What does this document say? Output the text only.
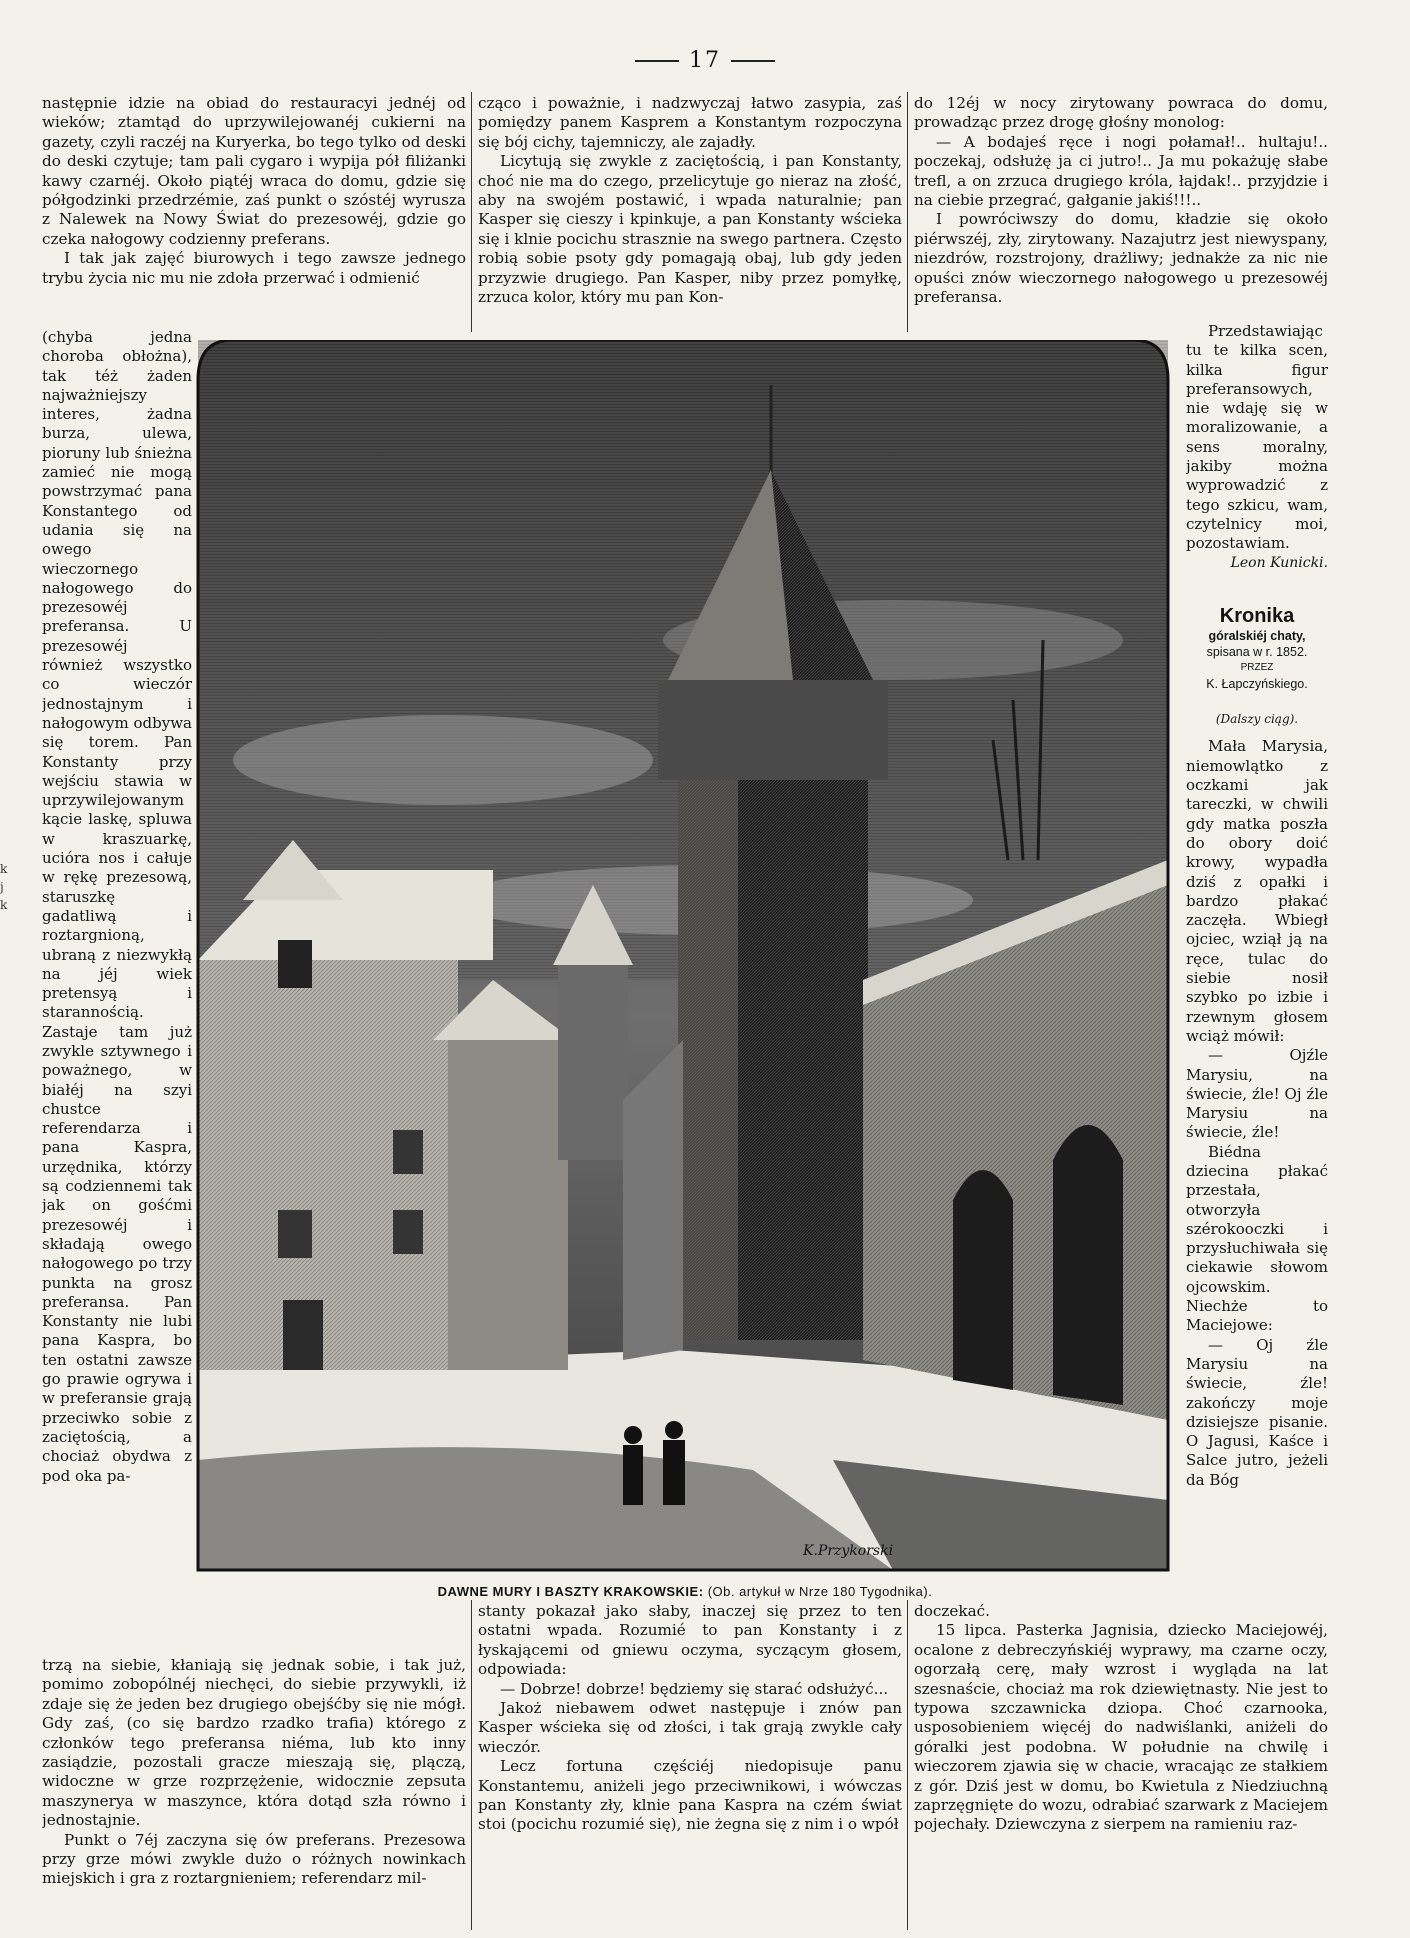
17
k
j
k

następnie idzie na obiad do restauracyi jednéj od wieków; ztamtąd do uprzywilejowanéj cukierni na gazety, czyli raczéj na Kuryerka, bo tego tylko od deski do deski czytuje; tam pali cygaro i wypija pół filiżanki kawy czarnéj. Około piątéj wraca do domu, gdzie się półgodzinki przedrzémie, zaś punkt o szóstéj wyrusza z Nalewek na Nowy Świat do prezesowéj, gdzie go czeka nałogowy codzienny preferans.

I tak jak zajęć biurowych i tego zawsze jednego trybu życia nic mu nie zdoła przerwać i odmienić

cząco i poważnie, i nadzwyczaj łatwo zasypia, zaś pomiędzy panem Kasprem a Konstantym rozpoczyna się bój cichy, tajemniczy, ale zajadły.

Licytują się zwykle z zaciętością, i pan Konstanty, choć nie ma do czego, przelicytuje go nieraz na złość, aby na swojém postawić, i wpada naturalnie; pan Kasper się cieszy i kpinkuje, a pan Konstanty wścieka się i klnie pocichu strasznie na swego partnera. Często robią sobie psoty gdy pomagają obaj, lub gdy jeden przyzwie drugiego. Pan Kasper, niby przez pomyłkę, zrzuca kolor, który mu pan Kon-

do 12éj w nocy zirytowany powraca do domu, prowadząc przez drogę głośny monolog:

— A bodajeś ręce i nogi połamał!.. hultaju!.. poczekaj, odsłużę ja ci jutro!.. Ja mu pokażuję słabe trefl, a on zrzuca drugiego króla, łajdak!.. przyjdzie i na ciebie przegrać, gałganie jakiś!!!..

I powróciwszy do domu, kładzie się około piérwszéj, zły, zirytowany. Nazajutrz jest niewyspany, niezdrów, rozstrojony, drażliwy; jednakże za nic nie opuści znów wieczornego nałogowego u prezesowéj preferansa.

(chyba jedna choroba obłożna), tak téż żaden najważniejszy interes, żadna burza, ulewa, pioruny lub śnieżna zamieć nie mogą powstrzymać pana Konstantego od udania się na owego wieczornego nałogowego do prezesowéj preferansa. U prezesowéj również wszystko co wieczór jednostajnym i nałogowym odbywa się torem. Pan Konstanty przy wejściu stawia w uprzywilejowanym kącie laskę, spluwa w kraszuarkę, ucióra nos i całuje w rękę prezesową, staruszkę gadatliwą i roztargnioną, ubraną z niezwykłą na jéj wiek pretensyą i starannością. Zastaje tam już zwykle sztywnego i poważnego, w białéj na szyi chustce referendarza i pana Kaspra, urzędnika, którzy są codziennemi tak jak on gośćmi prezesowéj i składają owego nałogowego po trzy punkta na grosz preferansa. Pan Konstanty nie lubi pana Kaspra, bo ten ostatni zawsze go prawie ogrywa i w preferansie grają przeciwko sobie z zaciętością, a chociaż obydwa z pod oka pa-

K.Przykorski
DAWNE MURY I BASZTY KRAKOWSKIE: (Ob. artykuł w Nrze 180 Tygodnika).

Przedstawiając tu te kilka scen, kilka figur preferansowych, nie wdaję się w moralizowanie, a sens moralny, jakiby można wyprowadzić z tego szkicu, wam, czytelnicy moi, pozostawiam.

Leon Kunicki.
Kronika
góralskiéj chaty,
spisana w r. 1852.
PRZEZ
K. Łapczyńskiego.
(Dalszy ciąg).

Mała Marysia, niemowlątko z oczkami jak tareczki, w chwili gdy matka poszła do obory doić krowy, wypadła dziś z opałki i bardzo płakać zaczęła. Wbiegł ojciec, wziął ją na ręce, tulac do siebie nosił szybko po izbie i rzewnym głosem wciąż mówił:

— Ojźle Marysiu, na świecie, źle! Oj źle Marysiu na świecie, źle!

Biédna dziecina płakać przestała, otworzyła szérokooczki i przysłuchiwała się ciekawie słowom ojcowskim. Niechże to Maciejowe:

— Oj źle Marysiu na świecie, źle! zakończy moje dzisiejsze pisanie. O Jagusi, Kaśce i Salce jutro, jeżeli da Bóg

trzą na siebie, kłaniają się jednak sobie, i tak już, pomimo zobopólnéj niechęci, do siebie przywykli, iż zdaje się że jeden bez drugiego obejśćby się nie mógł. Gdy zaś, (co się bardzo rzadko trafia) którego z członków tego preferansa niéma, lub kto inny zasiądzie, pozostali gracze mieszają się, plączą, widoczne w grze rozprzężenie, widocznie zepsuta maszynerya w maszynce, która dotąd szła równo i jednostajnie.

Punkt o 7éj zaczyna się ów preferans. Prezesowa przy grze mówi zwykle dużo o różnych nowinkach miejskich i gra z roztargnieniem; referendarz mil-

stanty pokazał jako słaby, inaczej się przez to ten ostatni wpada. Rozumié to pan Konstanty i z łyskającemi od gniewu oczyma, syczącym głosem, odpowiada:

— Dobrze! dobrze! będziemy się starać odsłużyć...

Jakoż niebawem odwet następuje i znów pan Kasper wścieka się od złości, i tak grają zwykle cały wieczór.

Lecz fortuna częściéj niedopisuje panu Konstantemu, aniżeli jego przeciwnikowi, i wówczas pan Konstanty zły, klnie pana Kaspra na czém świat stoi (pocichu rozumié się), nie żegna się z nim i o wpół

doczekać.

15 lipca. Pasterka Jagnisia, dziecko Maciejowéj, ocalone z debreczyńskiéj wyprawy, ma czarne oczy, ogorzałą cerę, mały wzrost i wygląda na lat szesnaście, chociaż ma rok dziewiętnasty. Nie jest to typowa szczawnicka dziopa. Choć czarnooka, usposobieniem więcéj do nadwiślanki, aniżeli do góralki jest podobna. W południe na chwilę i wieczorem zjawia się w chacie, wracając ze stałkiem z gór. Dziś jest w domu, bo Kwietula z Niedziuchną zaprzęgnięte do wozu, odrabiać szarwark z Maciejem pojechały. Dziewczyna z sierpem na ramieniu raz-
